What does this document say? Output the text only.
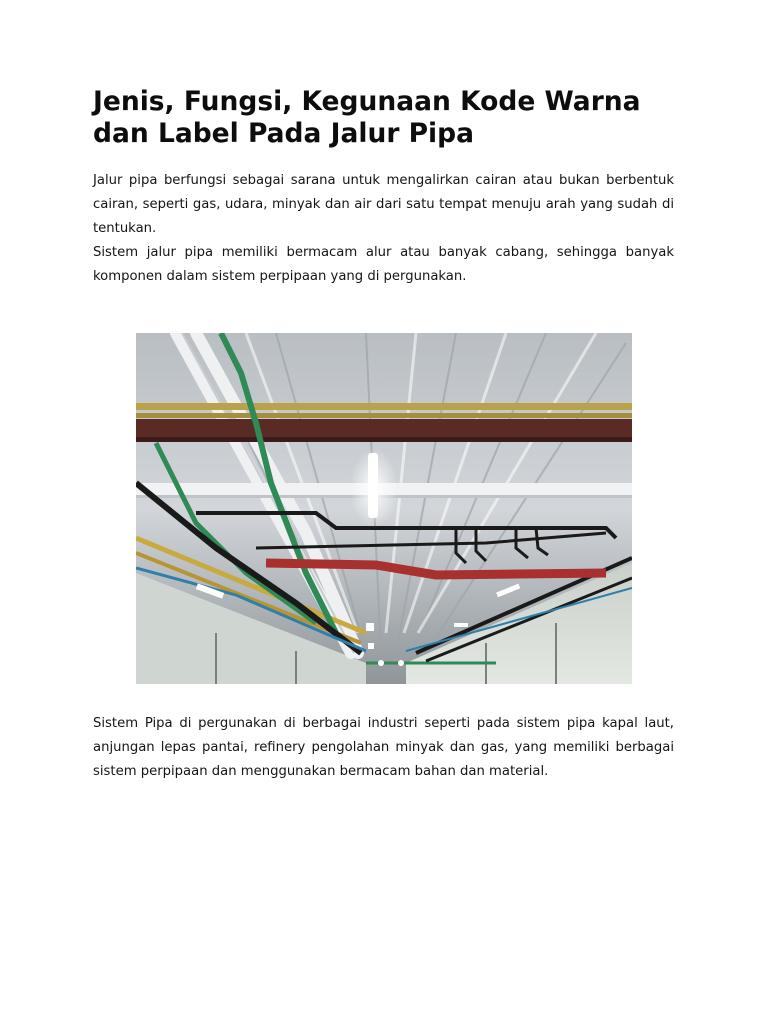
Jenis, Fungsi, Kegunaan Kode Warna dan Label Pada Jalur Pipa

Jalur pipa berfungsi sebagai sarana untuk mengalirkan cairan atau bukan berbentuk cairan, seperti gas, udara, minyak dan air dari satu tempat menuju arah yang sudah di tentukan.

Sistem jalur pipa memiliki bermacam alur atau banyak cabang, sehingga banyak komponen dalam sistem perpipaan yang di pergunakan.

Sistem Pipa di pergunakan di berbagai industri seperti pada sistem pipa kapal laut, anjungan lepas pantai, refinery pengolahan minyak dan gas, yang memiliki berbagai sistem perpipaan dan menggunakan bermacam bahan dan material.
